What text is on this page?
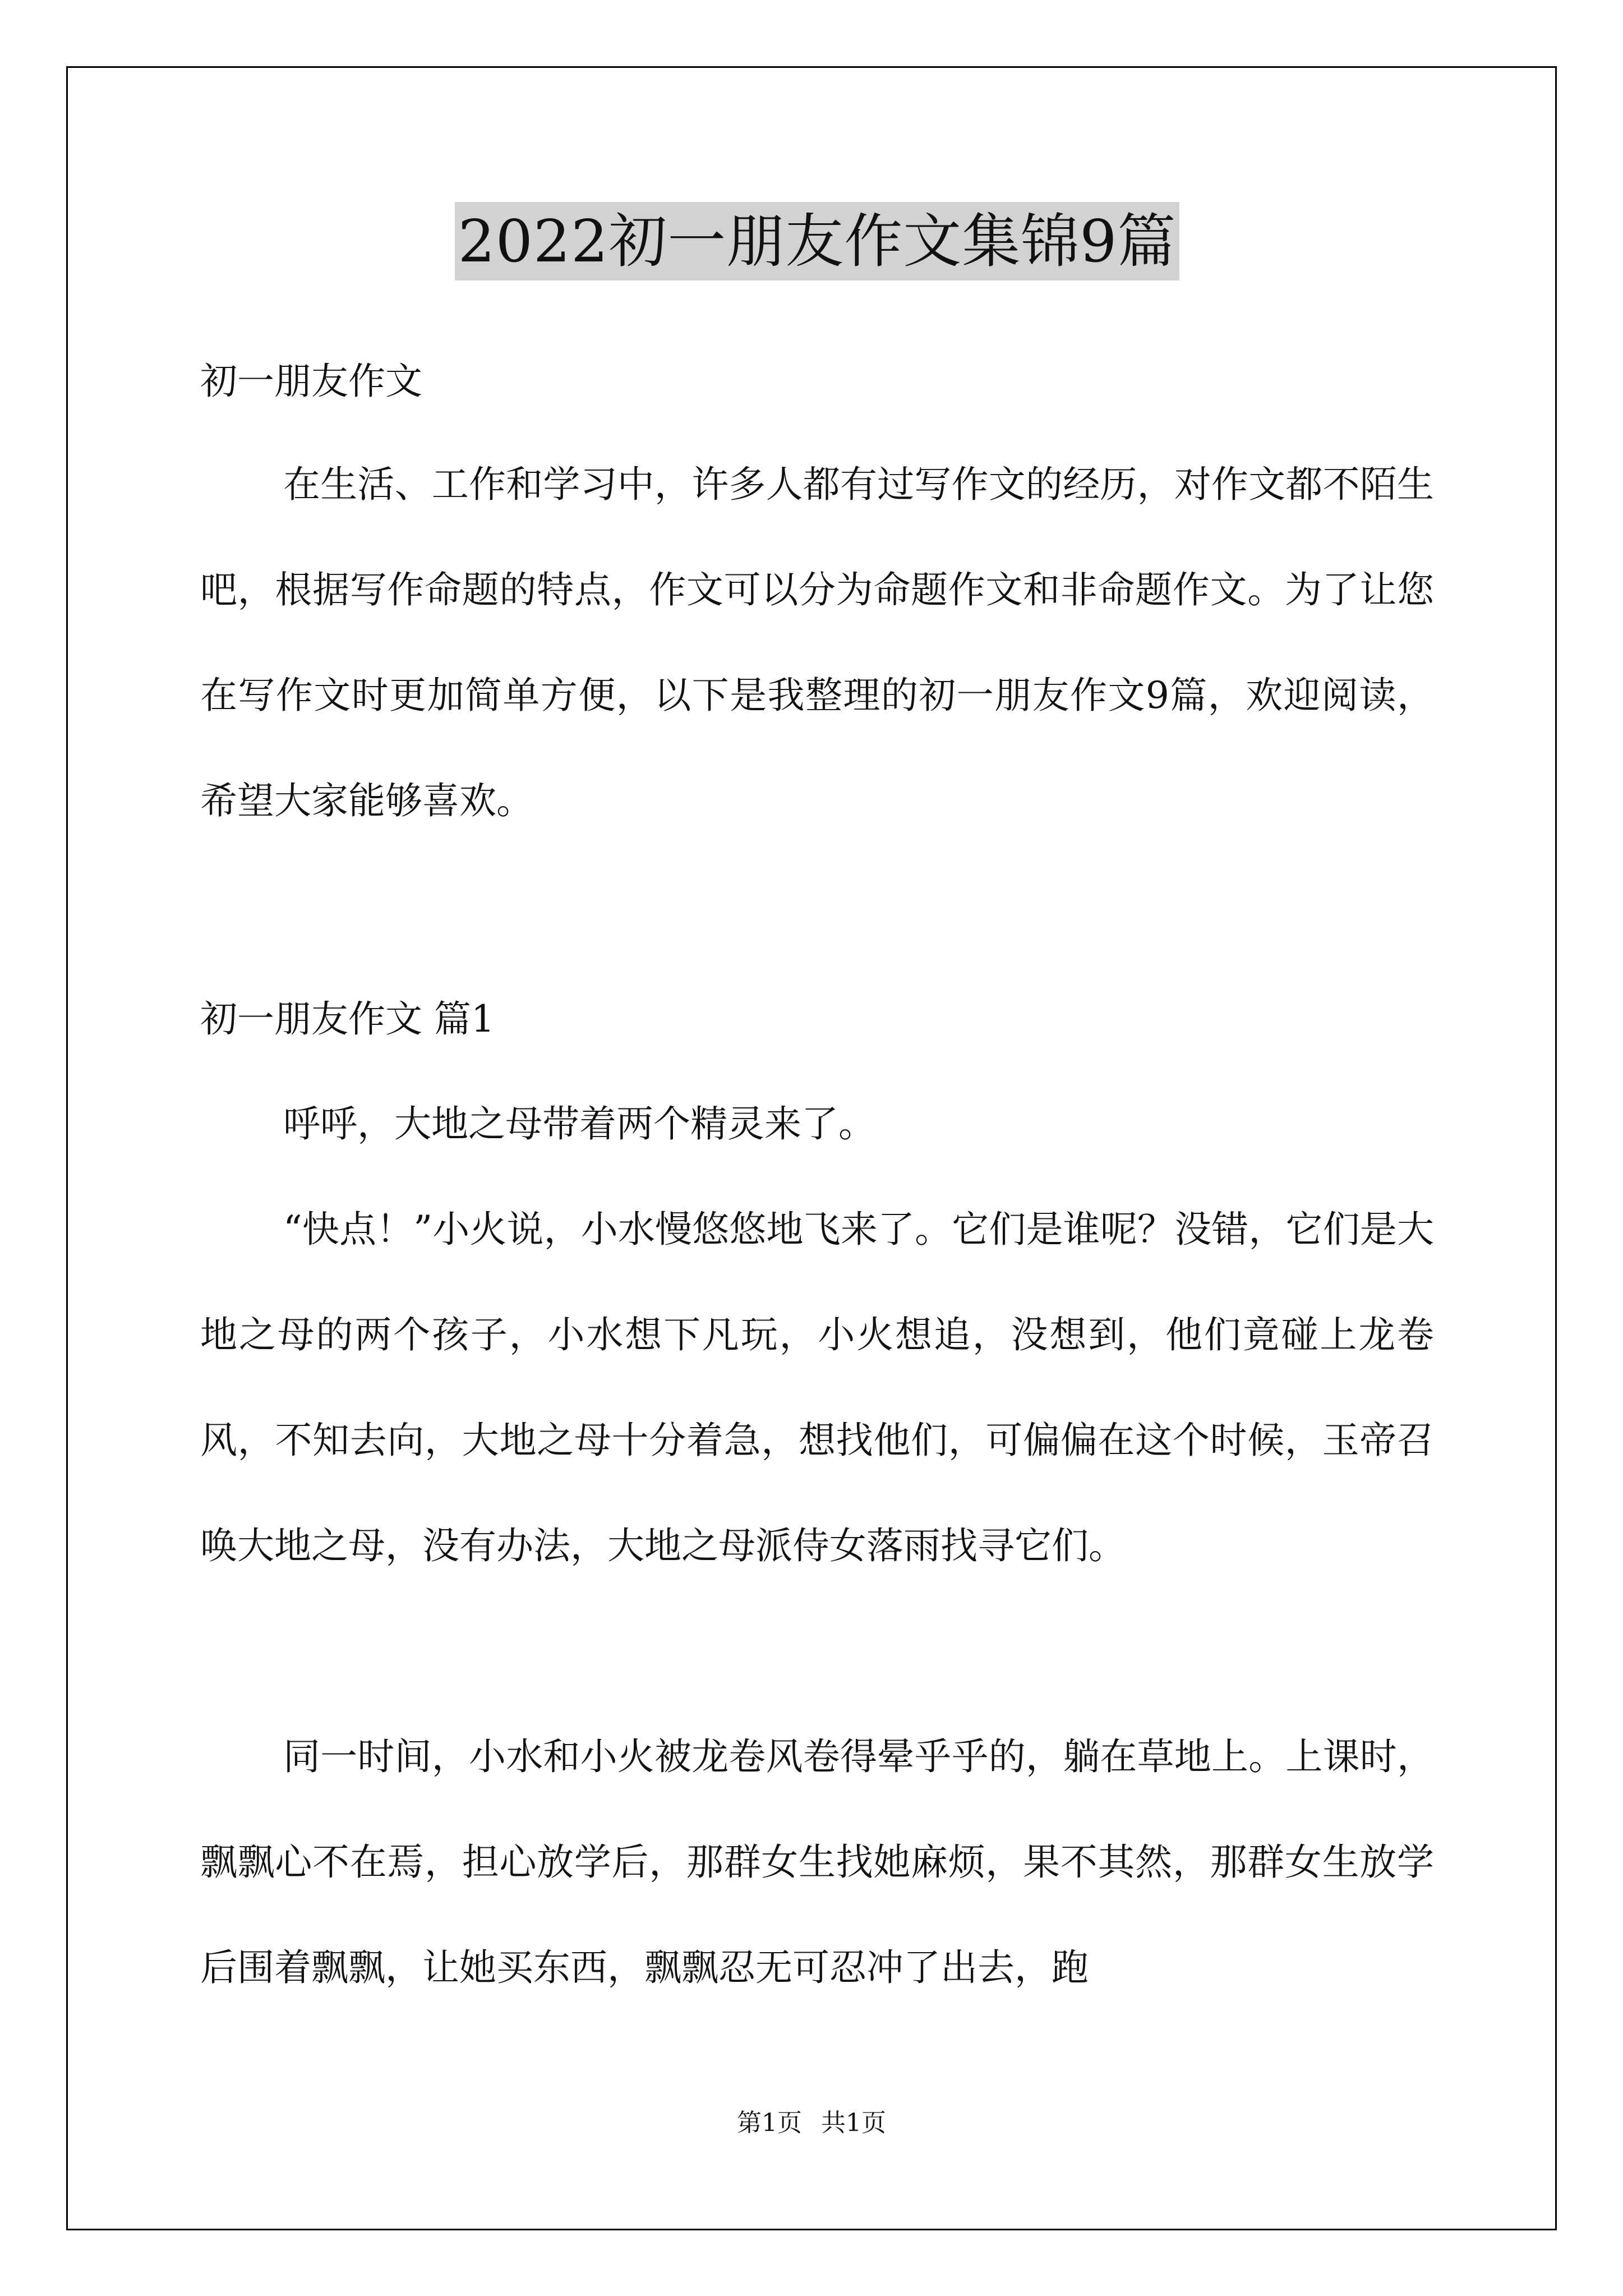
2022初一朋友作文集锦9篇
初一朋友作文

在生活、工作和学习中，许多人都有过写作文的经历，对作文都不陌生吧，根据写作命题的特点，作文可以分为命题作文和非命题作文。为了让您在写作文时更加简单方便，以下是我整理的初一朋友作文9篇，欢迎阅读，希望大家能够喜欢。

初一朋友作文 篇1

呼呼，大地之母带着两个精灵来了。

“快点！”小火说，小水慢悠悠地飞来了。它们是谁呢？没错，它们是大地之母的两个孩子，小水想下凡玩，小火想追，没想到，他们竟碰上龙卷风，不知去向，大地之母十分着急，想找他们，可偏偏在这个时候，玉帝召唤大地之母，没有办法，大地之母派侍女落雨找寻它们。

同一时间，小水和小火被龙卷风卷得晕乎乎的，躺在草地上。上课时，飘飘心不在焉，担心放学后，那群女生找她麻烦，果不其然，那群女生放学后围着飘飘，让她买东西，飘飘忍无可忍冲了出去，跑

第1页 共1页
